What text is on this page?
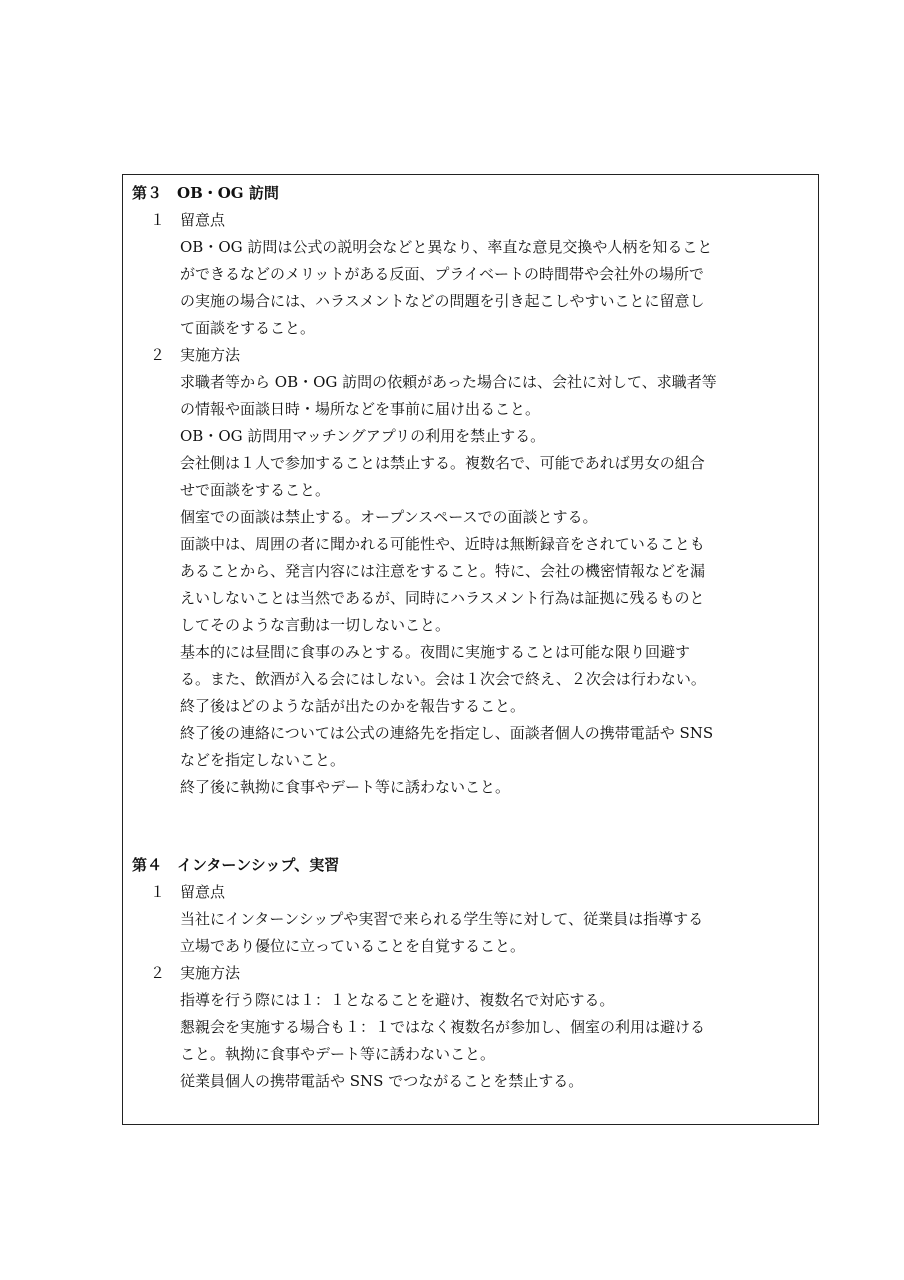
第３　OB・OG 訪問
１ 留意点
OB・OG 訪問は公式の説明会などと異なり、率直な意見交換や人柄を知ること
ができるなどのメリットがある反面、プライベートの時間帯や会社外の場所で
の実施の場合には、ハラスメントなどの問題を引き起こしやすいことに留意し
て面談をすること。
２ 実施方法
求職者等から OB・OG 訪問の依頼があった場合には、会社に対して、求職者等
の情報や面談日時・場所などを事前に届け出ること。
OB・OG 訪問用マッチングアプリの利用を禁止する。
会社側は１人で参加することは禁止する。複数名で、可能であれば男女の組合
せで面談をすること。
個室での面談は禁止する。オープンスペースでの面談とする。
面談中は、周囲の者に聞かれる可能性や、近時は無断録音をされていることも
あることから、発言内容には注意をすること。特に、会社の機密情報などを漏
えいしないことは当然であるが、同時にハラスメント行為は証拠に残るものと
してそのような言動は一切しないこと。
基本的には昼間に食事のみとする。夜間に実施することは可能な限り回避す
る。また、飲酒が入る会にはしない。会は１次会で終え、２次会は行わない。
終了後はどのような話が出たのかを報告すること。
終了後の連絡については公式の連絡先を指定し、面談者個人の携帯電話や SNS
などを指定しないこと。
終了後に執拗に食事やデート等に誘わないこと。
第４　インターンシップ、実習
１ 留意点
当社にインターンシップや実習で来られる学生等に対して、従業員は指導する
立場であり優位に立っていることを自覚すること。
２ 実施方法
指導を行う際には１：１となることを避け、複数名で対応する。
懇親会を実施する場合も１：１ではなく複数名が参加し、個室の利用は避ける
こと。執拗に食事やデート等に誘わないこと。
従業員個人の携帯電話や SNS でつながることを禁止する。
